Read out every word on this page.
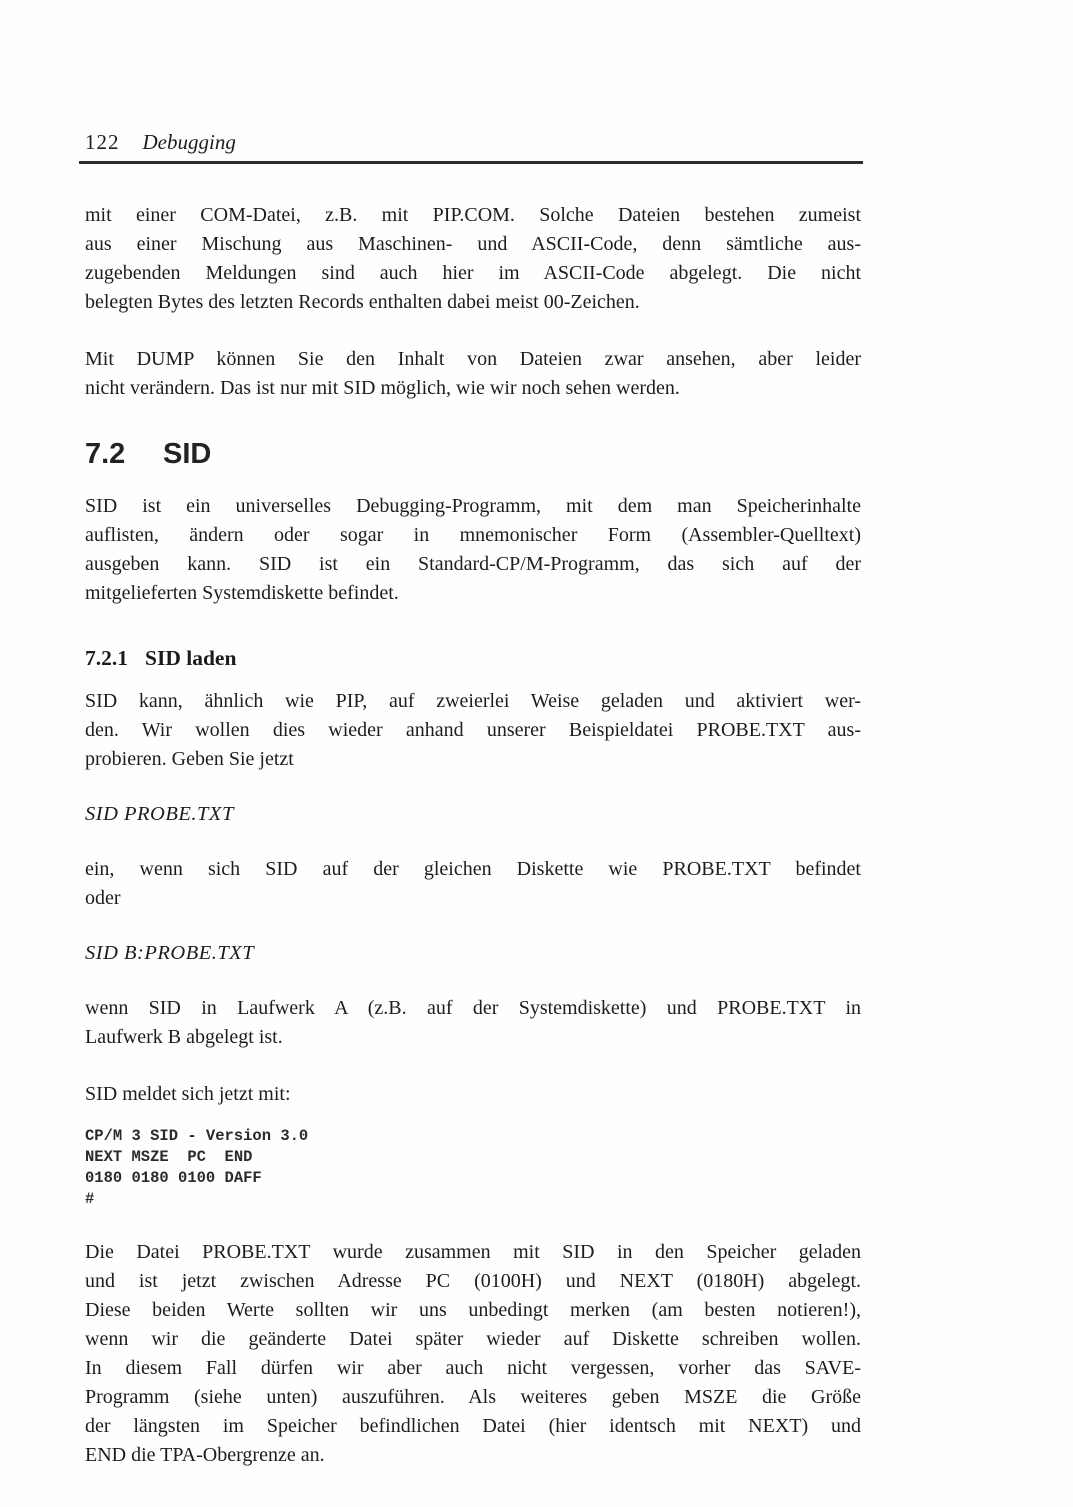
122 Debugging
mit einer COM-Datei, z.B. mit PIP.COM. Solche Dateien bestehen zumeist
aus einer Mischung aus Maschinen- und ASCII-Code, denn sämtliche aus-
zugebenden Meldungen sind auch hier im ASCII-Code abgelegt. Die nicht
belegten Bytes des letzten Records enthalten dabei meist 00-Zeichen.
Mit DUMP können Sie den Inhalt von Dateien zwar ansehen, aber leider
nicht verändern. Das ist nur mit SID möglich, wie wir noch sehen werden.
7.2 SID
SID ist ein universelles Debugging-Programm, mit dem man Speicherinhalte
auflisten, ändern oder sogar in mnemonischer Form (Assembler-Quelltext)
ausgeben kann. SID ist ein Standard-CP/M-Programm, das sich auf der
mitgelieferten Systemdiskette befindet.
7.2.1 SID laden
SID kann, ähnlich wie PIP, auf zweierlei Weise geladen und aktiviert wer-
den. Wir wollen dies wieder anhand unserer Beispieldatei PROBE.TXT aus-
probieren. Geben Sie jetzt
SID PROBE.TXT
ein, wenn sich SID auf der gleichen Diskette wie PROBE.TXT befindet
oder
SID B:PROBE.TXT
wenn SID in Laufwerk A (z.B. auf der Systemdiskette) und PROBE.TXT in
Laufwerk B abgelegt ist.
SID meldet sich jetzt mit:
CP/M 3 SID - Version 3.0
NEXT MSZE  PC  END
0180 0180 0100 DAFF
#
Die Datei PROBE.TXT wurde zusammen mit SID in den Speicher geladen
und ist jetzt zwischen Adresse PC (0100H) und NEXT (0180H) abgelegt.
Diese beiden Werte sollten wir uns unbedingt merken (am besten notieren!),
wenn wir die geänderte Datei später wieder auf Diskette schreiben wollen.
In diesem Fall dürfen wir aber auch nicht vergessen, vorher das SAVE-
Programm (siehe unten) auszuführen. Als weiteres geben MSZE die Größe
der längsten im Speicher befindlichen Datei (hier identsch mit NEXT) und
END die TPA-Obergrenze an.
